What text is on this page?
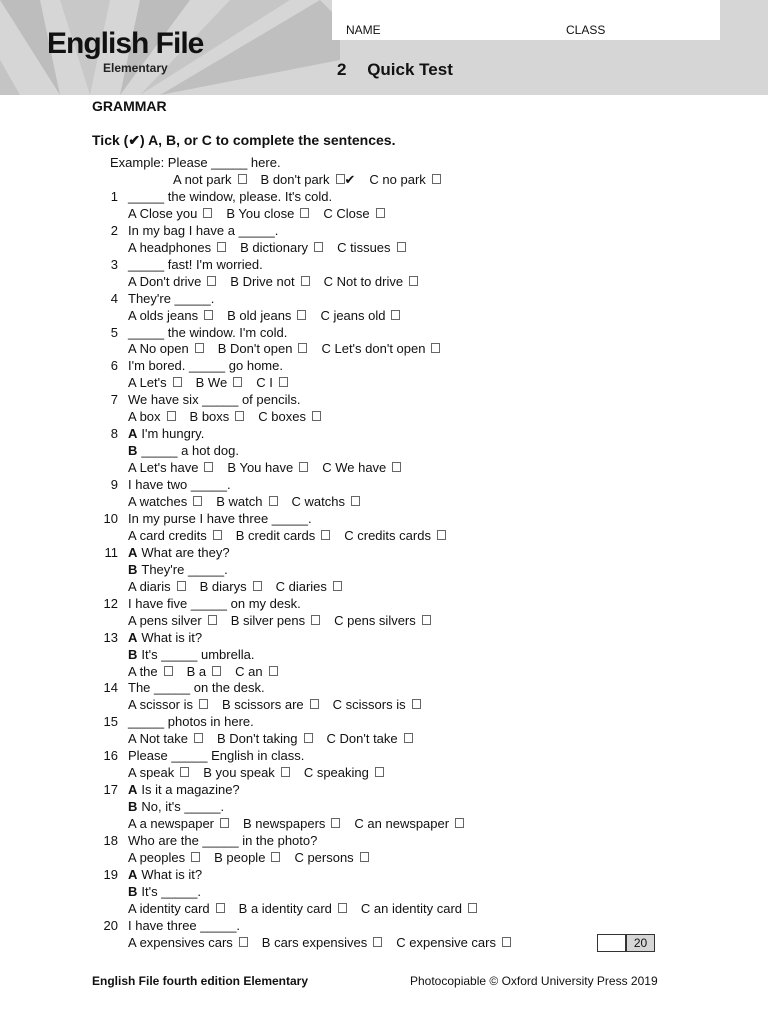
English File
Elementary
NAME	CLASS
2 Quick Test
GRAMMAR
Tick (✔) A, B, or C to complete the sentences.
Example: Please _____ here.
A not park B don't park ✔ C no park
1 _____ the window, please. It's cold.
A Close you B You close C Close
2 In my bag I have a _____.
A headphones B dictionary C tissues
3 _____ fast! I'm worried.
A Don't drive B Drive not C Not to drive
4 They're _____.
A olds jeans B old jeans C jeans old
5 _____ the window. I'm cold.
A No open B Don't open C Let's don't open
6 I'm bored. _____ go home.
A Let's B We C I
7 We have six _____ of pencils.
A box B boxs C boxes
8 A I'm hungry.
B _____ a hot dog.
A Let's have B You have C We have
9 I have two _____.
A watches B watch C watchs
10 In my purse I have three _____.
A card credits B credit cards C credits cards
11 A What are they?
B They're _____.
A diaris B diarys C diaries
12 I have five _____ on my desk.
A pens silver B silver pens C pens silvers
13 A What is it?
B It's _____ umbrella.
A the B a C an
14 The _____ on the desk.
A scissor is B scissors are C scissors is
15 _____ photos in here.
A Not take B Don't taking C Don't take
16 Please _____ English in class.
A speak B you speak C speaking
17 A Is it a magazine?
B No, it's _____.
A a newspaper B newspapers C an newspaper
18 Who are the _____ in the photo?
A peoples B people C persons
19 A What is it?
B It's _____.
A identity card B a identity card C an identity card
20 I have three _____.
A expensives cars B cars expensives C expensive cars	20
English File fourth edition Elementary	Photocopiable © Oxford University Press 2019
